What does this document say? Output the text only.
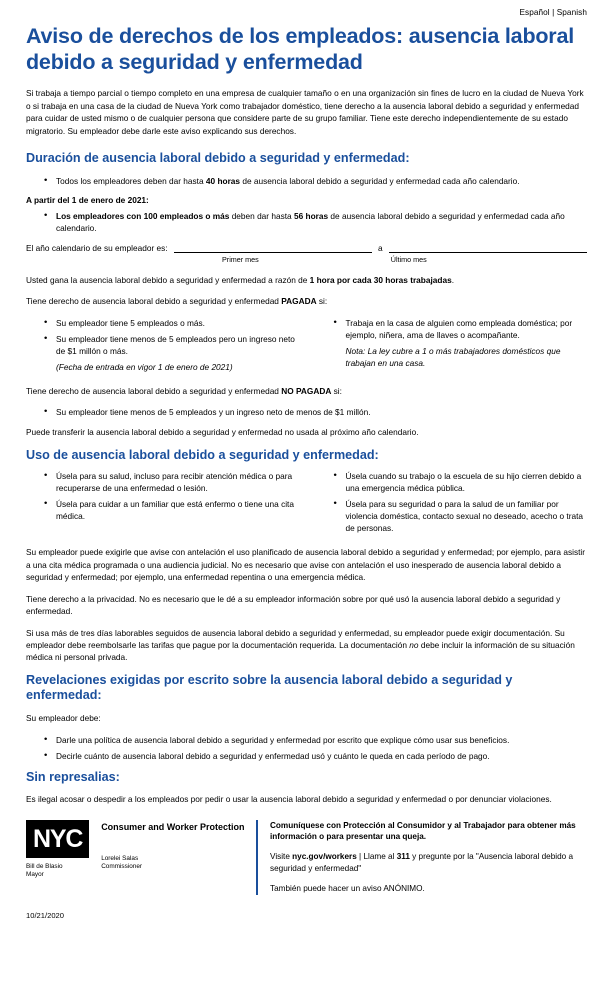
Español | Spanish
Aviso de derechos de los empleados: ausencia laboral debido a seguridad y enfermedad

Si trabaja a tiempo parcial o tiempo completo en una empresa de cualquier tamaño o en una organización sin fines de lucro en la ciudad de Nueva York o si trabaja en una casa de la ciudad de Nueva York como trabajador doméstico, tiene derecho a la ausencia laboral debido a seguridad y enfermedad para cuidar de usted mismo o de cualquier persona que considere parte de su grupo familiar. Tiene este derecho independientemente de su estado migratorio. Su empleador debe darle este aviso explicando sus derechos.

Duración de ausencia laboral debido a seguridad y enfermedad:
• Todos los empleadores deben dar hasta 40 horas de ausencia laboral debido a seguridad y enfermedad cada año calendario.
A partir del 1 de enero de 2021:
• Los empleadores con 100 empleados o más deben dar hasta 56 horas de ausencia laboral debido a seguridad y enfermedad cada año calendario.
El año calendario de su empleador es:	a
Primer mes	Último mes

Usted gana la ausencia laboral debido a seguridad y enfermedad a razón de 1 hora por cada 30 horas trabajadas.

Tiene derecho de ausencia laboral debido a seguridad y enfermedad PAGADA si:

• Su empleador tiene 5 empleados o más.
• Su empleador tiene menos de 5 empleados pero un ingreso neto de $1 millón o más.
(Fecha de entrada en vigor 1 de enero de 2021)
• Trabaja en la casa de alguien como empleada doméstica; por ejemplo, niñera, ama de llaves o acompañante.
Nota: La ley cubre a 1 o más trabajadores domésticos que trabajan en una casa.

Tiene derecho de ausencia laboral debido a seguridad y enfermedad NO PAGADA si:

• Su empleador tiene menos de 5 empleados y un ingreso neto de menos de $1 millón.

Puede transferir la ausencia laboral debido a seguridad y enfermedad no usada al próximo año calendario.

Uso de ausencia laboral debido a seguridad y enfermedad:
• Úsela para su salud, incluso para recibir atención médica o para recuperarse de una enfermedad o lesión.
• Úsela para cuidar a un familiar que está enfermo o tiene una cita médica.
• Úsela cuando su trabajo o la escuela de su hijo cierren debido a una emergencia médica pública.
• Úsela para su seguridad o para la salud de un familiar por violencia doméstica, contacto sexual no deseado, acecho o trata de personas.

Su empleador puede exigirle que avise con antelación el uso planificado de ausencia laboral debido a seguridad y enfermedad; por ejemplo, para asistir a una cita médica programada o una audiencia judicial. No es necesario que avise con antelación el uso inesperado de ausencia laboral debido a seguridad y enfermedad; por ejemplo, una enfermedad repentina o una emergencia médica.

Tiene derecho a la privacidad. No es necesario que le dé a su empleador información sobre por qué usó la ausencia laboral debido a seguridad y enfermedad.

Si usa más de tres días laborables seguidos de ausencia laboral debido a seguridad y enfermedad, su empleador puede exigir documentación. Su empleador debe reembolsarle las tarifas que pague por la documentación requerida. La documentación no debe incluir la información de su situación médica ni personal privada.

Revelaciones exigidas por escrito sobre la ausencia laboral debido a seguridad y enfermedad:

Su empleador debe:

• Darle una política de ausencia laboral debido a seguridad y enfermedad por escrito que explique cómo usar sus beneficios.
• Decirle cuánto de ausencia laboral debido a seguridad y enfermedad usó y cuánto le queda en cada período de pago.
Sin represalias:

Es ilegal acosar o despedir a los empleados por pedir o usar la ausencia laboral debido a seguridad y enfermedad o por denunciar violaciones.

NYC
Bill de Blasio
Mayor
Consumer and Worker Protection
Lorelei Salas
Commissioner
Comuníquese con Protección al Consumidor y al Trabajador para obtener más información o para presentar una queja.

Visite nyc.gov/workers | Llame al 311 y pregunte por la "Ausencia laboral debido a seguridad y enfermedad"

También puede hacer un aviso ANÓNIMO.

10/21/2020
